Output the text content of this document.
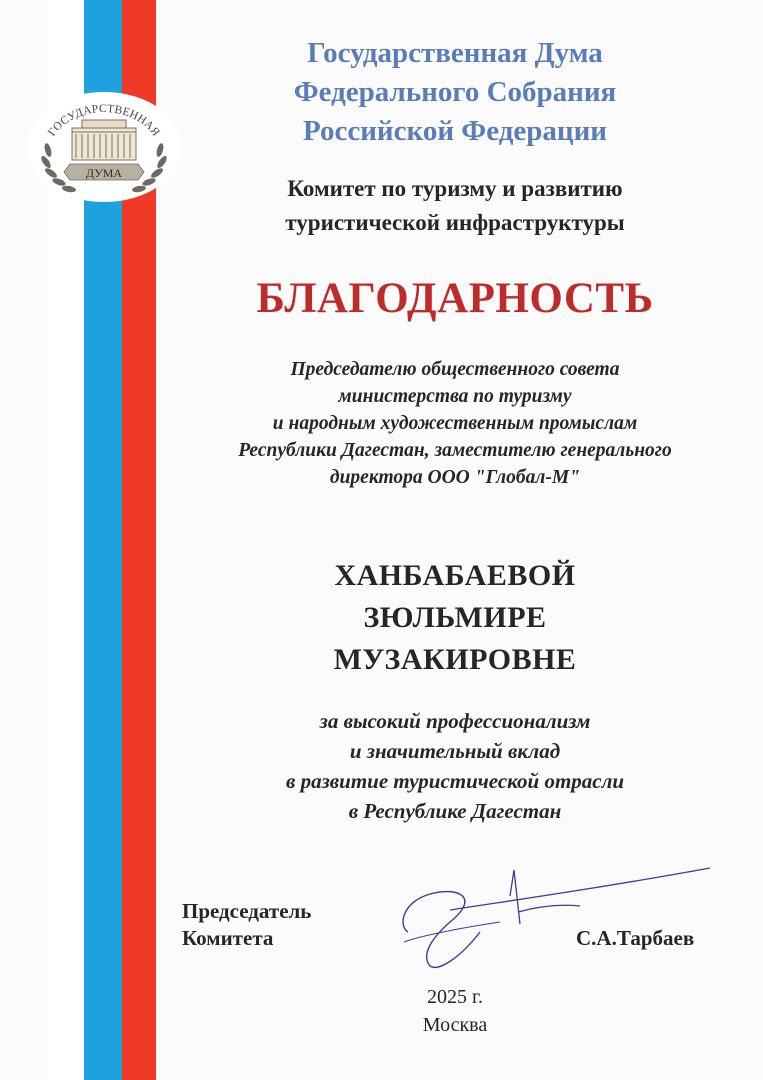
ГОСУДАРСТВЕННАЯ
ДУМА
Государственная Дума
Федерального Собрания
Российской Федерации
Комитет по туризму и развитию
туристической инфраструктуры
БЛАГОДАРНОСТЬ
Председателю общественного совета
министерства по туризму
и народным художественным промыслам
Республики Дагестан, заместителю генерального
директора ООО "Глобал-М"
ХАНБАБАЕВОЙ
ЗЮЛЬМИРЕ
МУЗАКИРОВНЕ
за высокий профессионализм
и значительный вклад
в развитие туристической отрасли
в Республике Дагестан
Председатель
Комитета	С.А.Тарбаев
2025 г.
Москва
